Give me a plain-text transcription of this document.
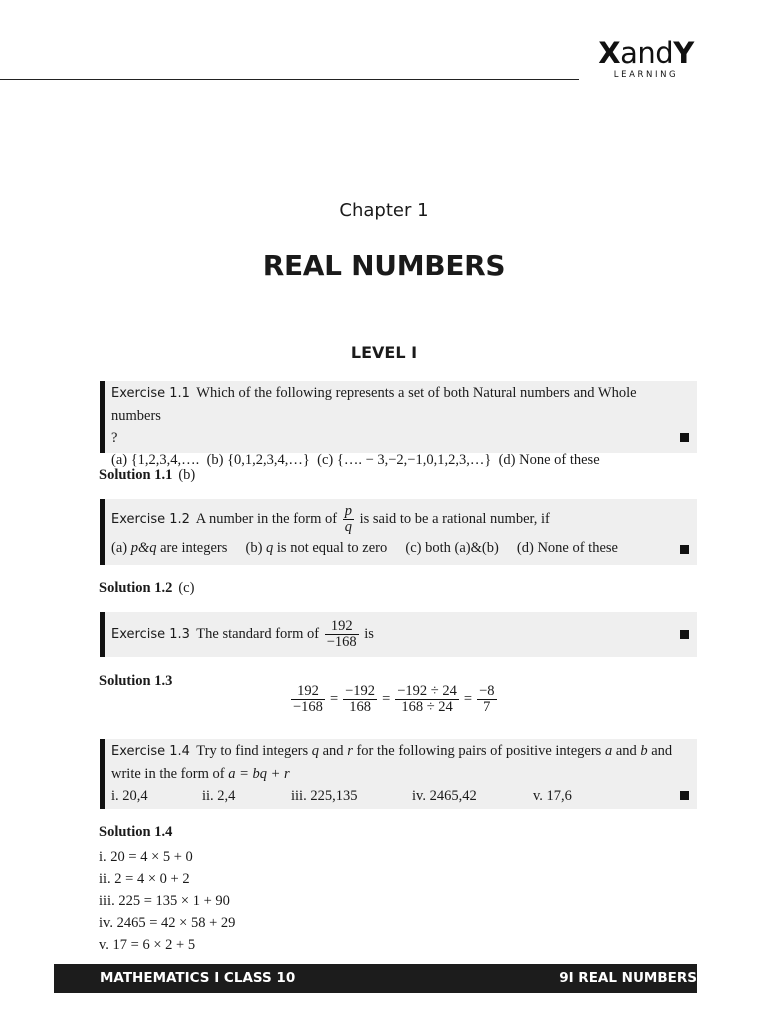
XandY
LEARNING
Chapter 1
REAL NUMBERS
LEVEL I
Exercise 1.1 Which of the following represents a set of both Natural numbers and Whole numbers
?
(a) {1,2,3,4,…. (b) {0,1,2,3,4,…} (c) {…. − 3,−2,−1,0,1,2,3,…} (d) None of these
Solution 1.1 (b)
Exercise 1.2 A number in the form of $\frac{p}{q}$ is said to be a rational number, if
(a) p&q are integers (b) q is not equal to zero (c) both (a)&(b) (d) None of these
Solution 1.2 (c)
Exercise 1.3 The standard form of $\frac{192}{-168}$ is
Solution 1.3
$\frac{192}{-168} = \frac{-192}{168} = \frac{-192 \div 24}{168 \div 24} = \frac{-8}{7}$
Exercise 1.4 Try to find integers q and r for the following pairs of positive integers a and b and
write in the form of a = bq + r
i. 20,4	ii. 2,4	iii. 225,135	iv. 2465,42	v. 17,6
Solution 1.4
i. 20 = 4 × 5 + 0
ii. 2 = 4 × 0 + 2
iii. 225 = 135 × 1 + 90
iv. 2465 = 42 × 58 + 29
v. 17 = 6 × 2 + 5
MATHEMATICS I CLASS 10	9I REAL NUMBERS
